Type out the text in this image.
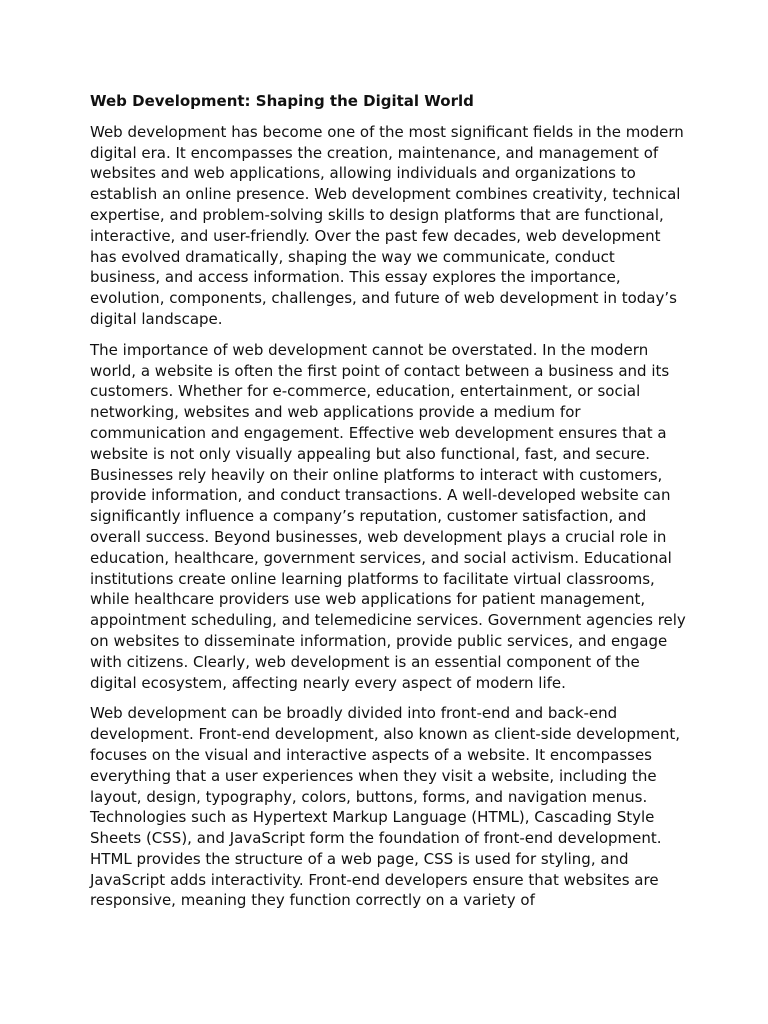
Web Development: Shaping the Digital World

Web development has become one of the most significant fields in the modern digital era. It encompasses the creation, maintenance, and management of websites and web applications, allowing individuals and organizations to establish an online presence. Web development combines creativity, technical expertise, and problem-solving skills to design platforms that are functional, interactive, and user-friendly. Over the past few decades, web development has evolved dramatically, shaping the way we communicate, conduct business, and access information. This essay explores the importance, evolution, components, challenges, and future of web development in today’s digital landscape.

The importance of web development cannot be overstated. In the modern world, a website is often the first point of contact between a business and its customers. Whether for e-commerce, education, entertainment, or social networking, websites and web applications provide a medium for communication and engagement. Effective web development ensures that a website is not only visually appealing but also functional, fast, and secure. Businesses rely heavily on their online platforms to interact with customers, provide information, and conduct transactions. A well-developed website can significantly influence a company’s reputation, customer satisfaction, and overall success. Beyond businesses, web development plays a crucial role in education, healthcare, government services, and social activism. Educational institutions create online learning platforms to facilitate virtual classrooms, while healthcare providers use web applications for patient management, appointment scheduling, and telemedicine services. Government agencies rely on websites to disseminate information, provide public services, and engage with citizens. Clearly, web development is an essential component of the digital ecosystem, affecting nearly every aspect of modern life.

Web development can be broadly divided into front-end and back-end development. Front-end development, also known as client-side development, focuses on the visual and interactive aspects of a website. It encompasses everything that a user experiences when they visit a website, including the layout, design, typography, colors, buttons, forms, and navigation menus. Technologies such as Hypertext Markup Language (HTML), Cascading Style Sheets (CSS), and JavaScript form the foundation of front-end development. HTML provides the structure of a web page, CSS is used for styling, and JavaScript adds interactivity. Front-end developers ensure that websites are responsive, meaning they function correctly on a variety of
